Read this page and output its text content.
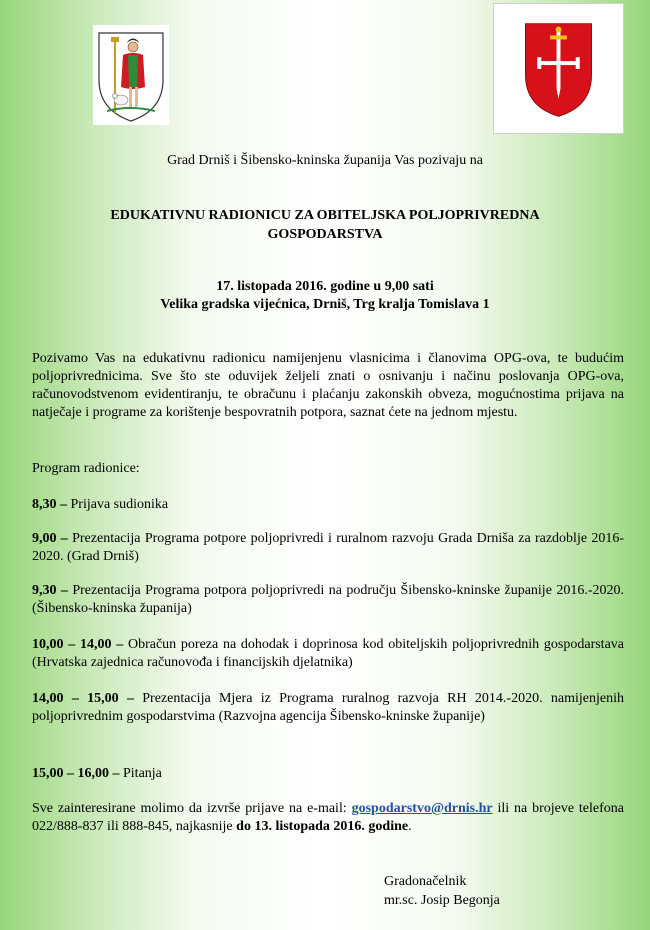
Grad Drniš i Šibensko-kninska županija Vas pozivaju na
EDUKATIVNU RADIONICU ZA OBITELJSKA POLJOPRIVREDNA
GOSPODARSTVA
17. listopada 2016. godine u 9,00 sati
Velika gradska vijećnica, Drniš, Trg kralja Tomislava 1
Pozivamo Vas na edukativnu radionicu namijenjenu vlasnicima i članovima OPG-ova, te budućim poljoprivrednicima. Sve što ste oduvijek željeli znati o osnivanju i načinu poslovanja OPG-ova, računovodstvenom evidentiranju, te obračunu i plaćanju zakonskih obveza, mogućnostima prijava na natječaje i programe za korištenje bespovratnih potpora, saznat ćete na jednom mjestu.
Program radionice:
8,30 – Prijava sudionika
9,00 – Prezentacija Programa potpore poljoprivredi i ruralnom razvoju Grada Drniša za razdoblje 2016-2020. (Grad Drniš)
9,30 – Prezentacija Programa potpora poljoprivredi na području Šibensko-kninske županije 2016.-2020. (Šibensko-kninska županija)
10,00 – 14,00 – Obračun poreza na dohodak i doprinosa kod obiteljskih poljoprivrednih gospodarstava (Hrvatska zajednica računovođa i financijskih djelatnika)
14,00 – 15,00 – Prezentacija Mjera iz Programa ruralnog razvoja RH 2014.-2020. namijenjenih poljoprivrednim gospodarstvima (Razvojna agencija Šibensko-kninske županije)
15,00 – 16,00 – Pitanja
Sve zainteresirane molimo da izvrše prijave na e-mail: gospodarstvo@drnis.hr ili na brojeve telefona 022/888-837 ili 888-845, najkasnije do 13. listopada 2016. godine.
Gradonačelnik
mr.sc. Josip Begonja
